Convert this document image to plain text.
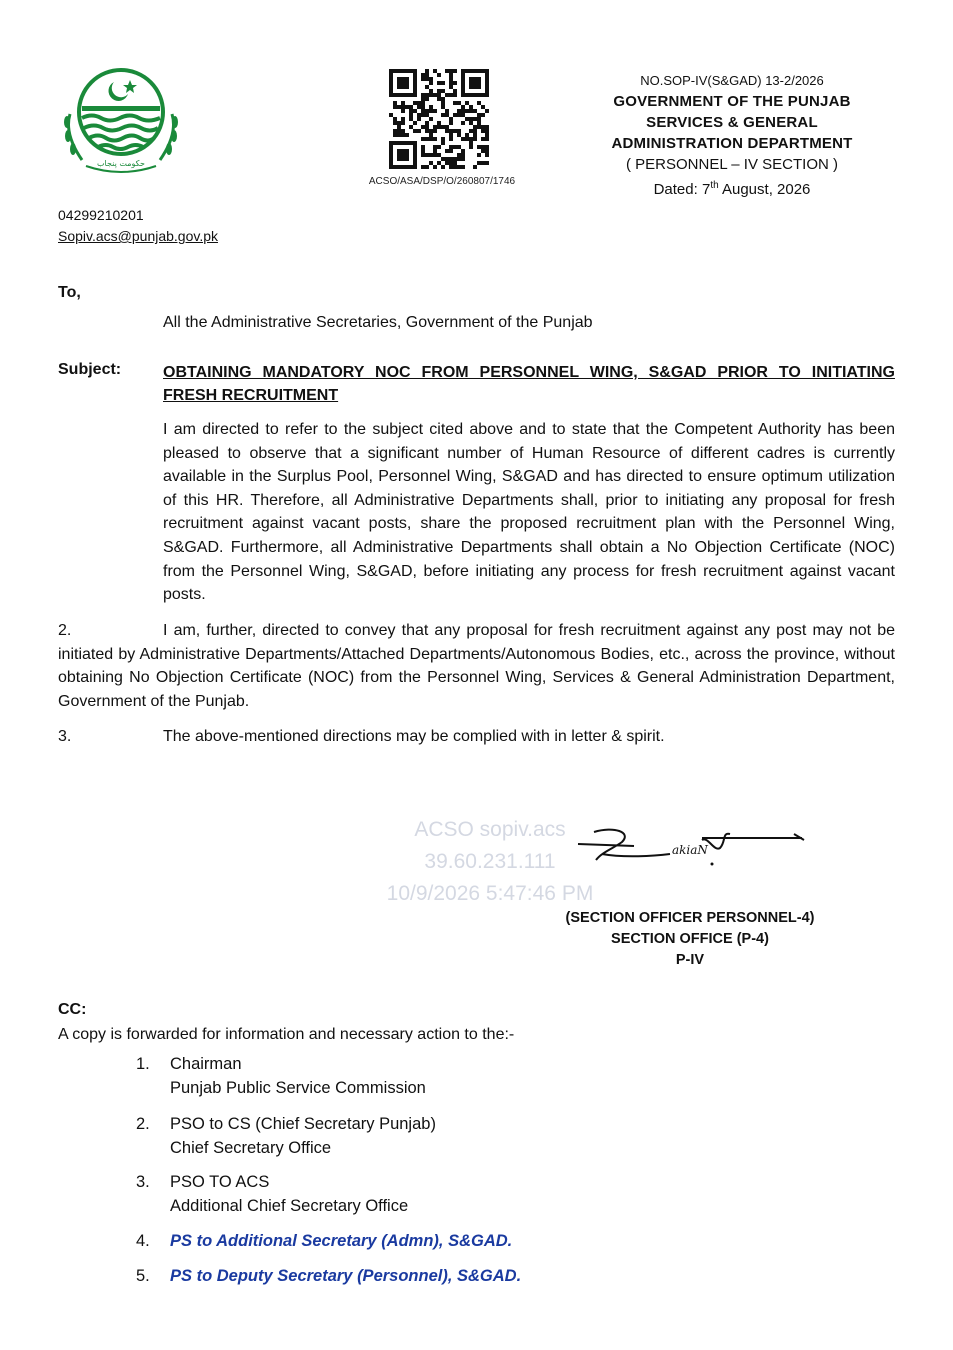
حکومت پنجاب
ACSO/ASA/DSP/O/260807/1746
NO.SOP-IV(S&GAD) 13-2/2026
GOVERNMENT OF THE PUNJAB
SERVICES & GENERAL
ADMINISTRATION DEPARTMENT
( PERSONNEL – IV SECTION )
Dated: 7th August, 2026
04299210201
Sopiv.acs@punjab.gov.pk
To,
All the Administrative Secretaries, Government of the Punjab
Subject:	OBTAINING MANDATORY NOC FROM PERSONNEL WING, S&GAD PRIOR TO INITIATING FRESH RECRUITMENT
I am directed to refer to the subject cited above and to state that the Competent Authority has been pleased to observe that a significant number of Human Resource of different cadres is currently available in the Surplus Pool, Personnel Wing, S&GAD and has directed to ensure optimum utilization of this HR. Therefore, all Administrative Departments shall, prior to initiating any proposal for fresh recruitment against vacant posts, share the proposed recruitment plan with the Personnel Wing, S&GAD. Furthermore, all Administrative Departments shall obtain a No Objection Certificate (NOC) from the Personnel Wing, S&GAD, before initiating any process for fresh recruitment against vacant posts.
2.	I am, further, directed to convey that any proposal for fresh recruitment against any post may not be initiated by Administrative Departments/Attached Departments/Autonomous Bodies, etc., across the province, without obtaining No Objection Certificate (NOC) from the Personnel Wing, Services & General Administration Department, Government of the Punjab.
3.	The above-mentioned directions may be complied with in letter & spirit.
ACSO sopiv.acs
39.60.231.111
10/9/2026 5:47:46 PM
akiaN
(SECTION OFFICER PERSONNEL-4)
SECTION OFFICE (P-4)
P-IV
CC:
A copy is forwarded for information and necessary action to the:-
1. Chairman
Punjab Public Service Commission
2. PSO to CS (Chief Secretary Punjab)
Chief Secretary Office
3. PSO TO ACS
Additional Chief Secretary Office
4. PS to Additional Secretary (Admn), S&GAD.
5. PS to Deputy Secretary (Personnel), S&GAD.
